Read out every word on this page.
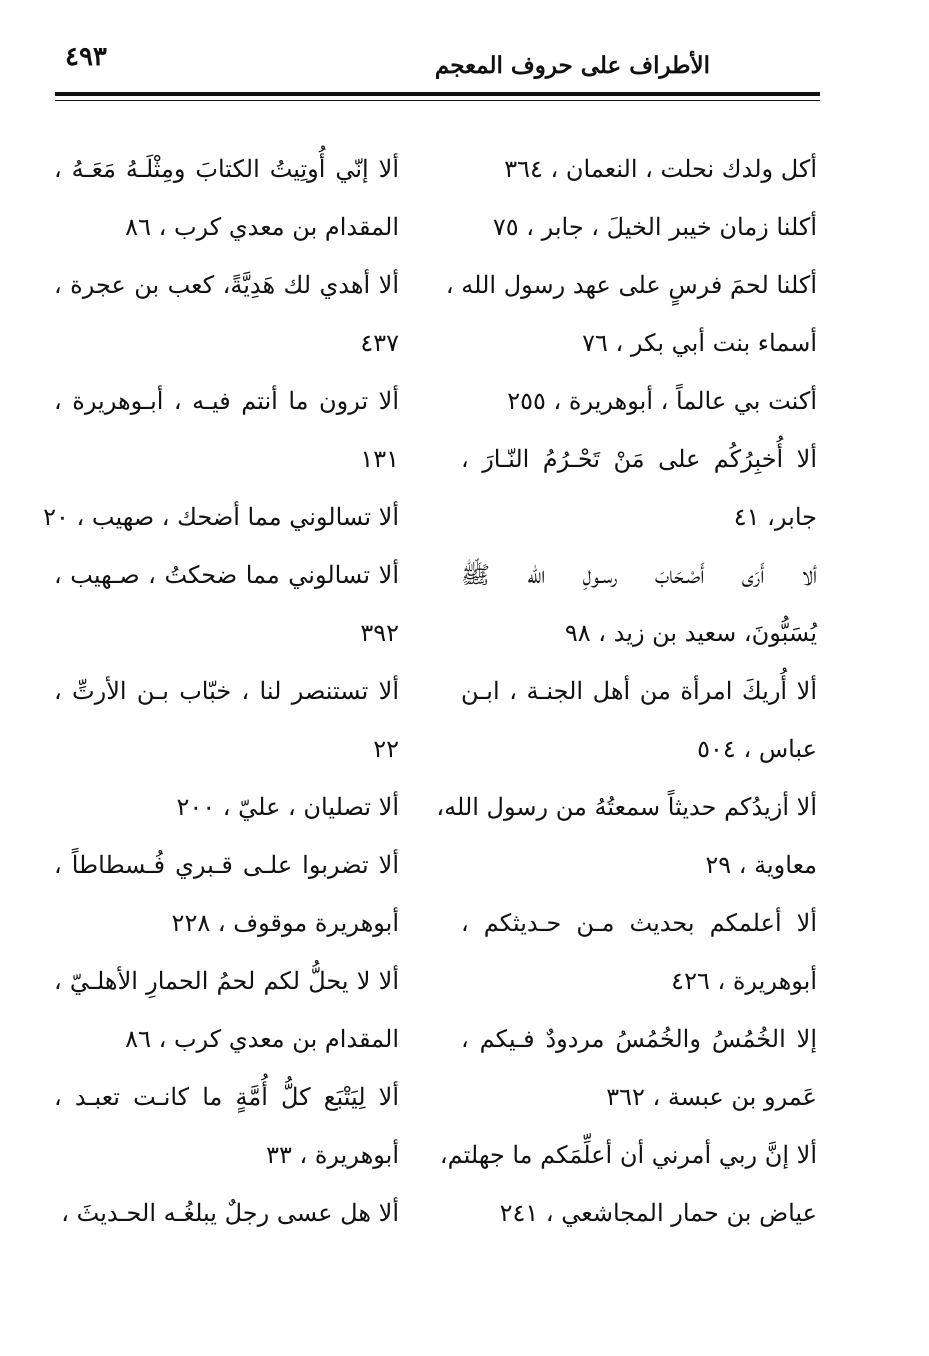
٤٩٣	الأطراف على حروف المعجم
أكل ولدك نحلت ، النعمان ، ٣٦٤
أكلنا زمان خيبر الخيلَ ، جابر ، ٧٥
أكلنا لحمَ فرسٍ على عهد رسول الله ،
أسماء بنت أبي بكر ، ٧٦
أكنت بي عالماً ، أبوهريرة ، ٢٥٥
ألا أُخبِرُكُم على مَنْ تَحْـرُمُ النّـارَ ،
جابر، ٤١
ألا أَرَى أَصْـحَابَ رسـولِ الله ﷺ
يُسَبُّونَ، سعيد بن زيد ، ٩٨
ألا أُريكَ امرأة من أهل الجنـة ، ابـن
عباس ، ٥٠٤
ألا أزيدُكم حديثاً سمعتُهُ من رسول الله،
معاوية ، ٢٩
ألا أعلمكم بحديث مـن حـديثكم ،
أبوهريرة ، ٤٢٦
إلا الخُمُسُ والخُمُسُ مردودٌ فـيكم ،
عَمرو بن عبسة ، ٣٦٢
ألا إنَّ ربي أمرني أن أعلِّمَكم ما جهلتم،
عياض بن حمار المجاشعي ، ٢٤١
ألا إنّي أُوتِيتُ الكتابَ ومِثْلَـهُ مَعَـهُ ،
المقدام بن معدي كرب ، ٨٦
ألا أهدي لك هَدِيَّةً، كعب بن عجرة ،
٤٣٧
ألا ترون ما أنتم فيـه ، أبـوهريرة ،
١٣١
ألا تسالوني مما أضحك ، صهيب ، ٢٠
ألا تسالوني مما ضحكتُ ، صـهيب ،
٣٩٢
ألا تستنصر لنا ، خبّاب بـن الأرتِّ ،
٢٢
ألا تصليان ، عليّ ، ٢٠٠
ألا تضربوا علـى قـبري فُـسطاطاً ،
أبوهريرة موقوف ، ٢٢٨
ألا لا يحلُّ لكم لحمُ الحمارِ الأهلـيّ ،
المقدام بن معدي كرب ، ٨٦
ألا لِيَتْبَع كلُّ أُمَّةٍ ما كانـت تعبـد ،
أبوهريرة ، ٣٣
ألا هل عسى رجلٌ يبلغُـه الحـديثَ ،
